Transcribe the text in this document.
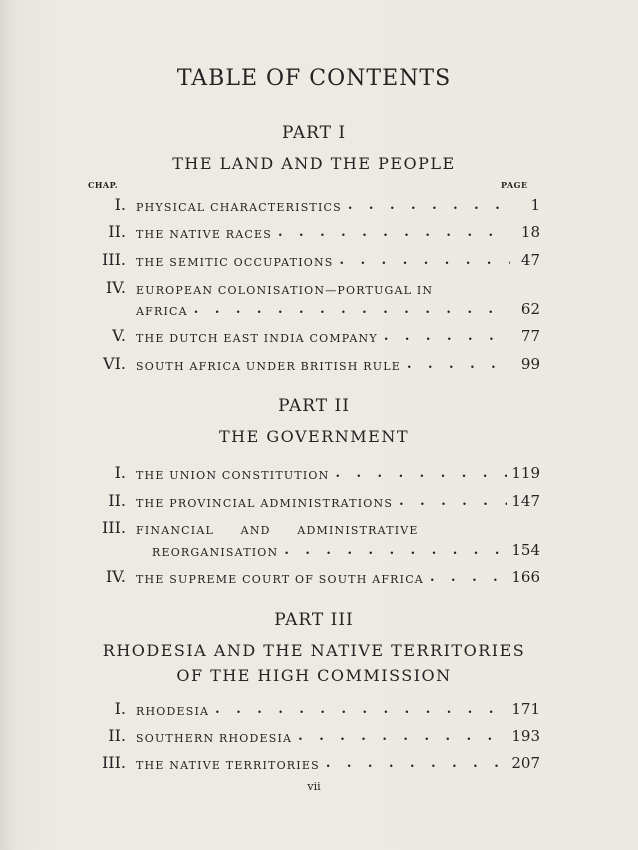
TABLE OF CONTENTS
PART I
THE LAND AND THE PEOPLE
CHAP.	PAGE
I. PHYSICAL CHARACTERISTICS . . .	1
II. THE NATIVE RACES . . .	18
III. THE SEMITIC OCCUPATIONS . . .	47
IV. EUROPEAN COLONISATION—PORTUGAL IN
AFRICA . . .	62
V. THE DUTCH EAST INDIA COMPANY . . .	77
VI. SOUTH AFRICA UNDER BRITISH RULE . . .	99
PART II
THE GOVERNMENT
I. THE UNION CONSTITUTION . . .	119
II. THE PROVINCIAL ADMINISTRATIONS . . .	147
III. FINANCIAL AND ADMINISTRATIVE
REORGANISATION . . .	154
IV. THE SUPREME COURT OF SOUTH AFRICA . . .	166
PART III
RHODESIA AND THE NATIVE TERRITORIES
OF THE HIGH COMMISSION
I. RHODESIA . . .	171
II. SOUTHERN RHODESIA . . .	193
III. THE NATIVE TERRITORIES . . .	207
vii
